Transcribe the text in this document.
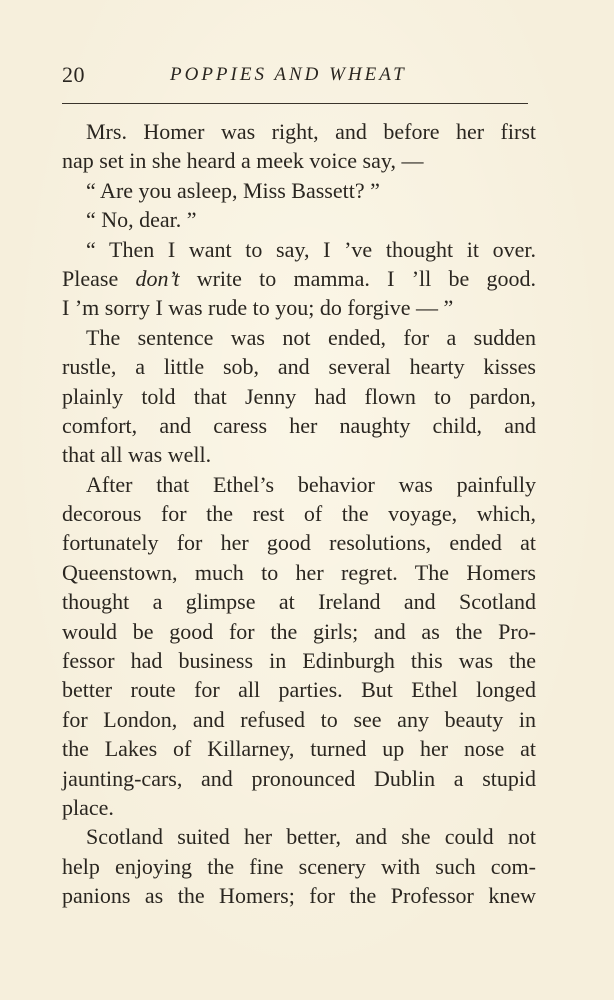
20	POPPIES AND WHEAT
Mrs. Homer was right, and before her first
nap set in she heard a meek voice say, —
“ Are you asleep, Miss Bassett? ”
“ No, dear. ”
“ Then I want to say, I ’ve thought it over.
Please don’t write to mamma. I ’ll be good.
I ’m sorry I was rude to you; do forgive — ”
The sentence was not ended, for a sudden
rustle, a little sob, and several hearty kisses
plainly told that Jenny had flown to pardon,
comfort, and caress her naughty child, and
that all was well.
After that Ethel’s behavior was painfully
decorous for the rest of the voyage, which,
fortunately for her good resolutions, ended at
Queenstown, much to her regret. The Homers
thought a glimpse at Ireland and Scotland
would be good for the girls; and as the Pro-
fessor had business in Edinburgh this was the
better route for all parties. But Ethel longed
for London, and refused to see any beauty in
the Lakes of Killarney, turned up her nose at
jaunting-cars, and pronounced Dublin a stupid
place.
Scotland suited her better, and she could not
help enjoying the fine scenery with such com-
panions as the Homers; for the Professor knew
